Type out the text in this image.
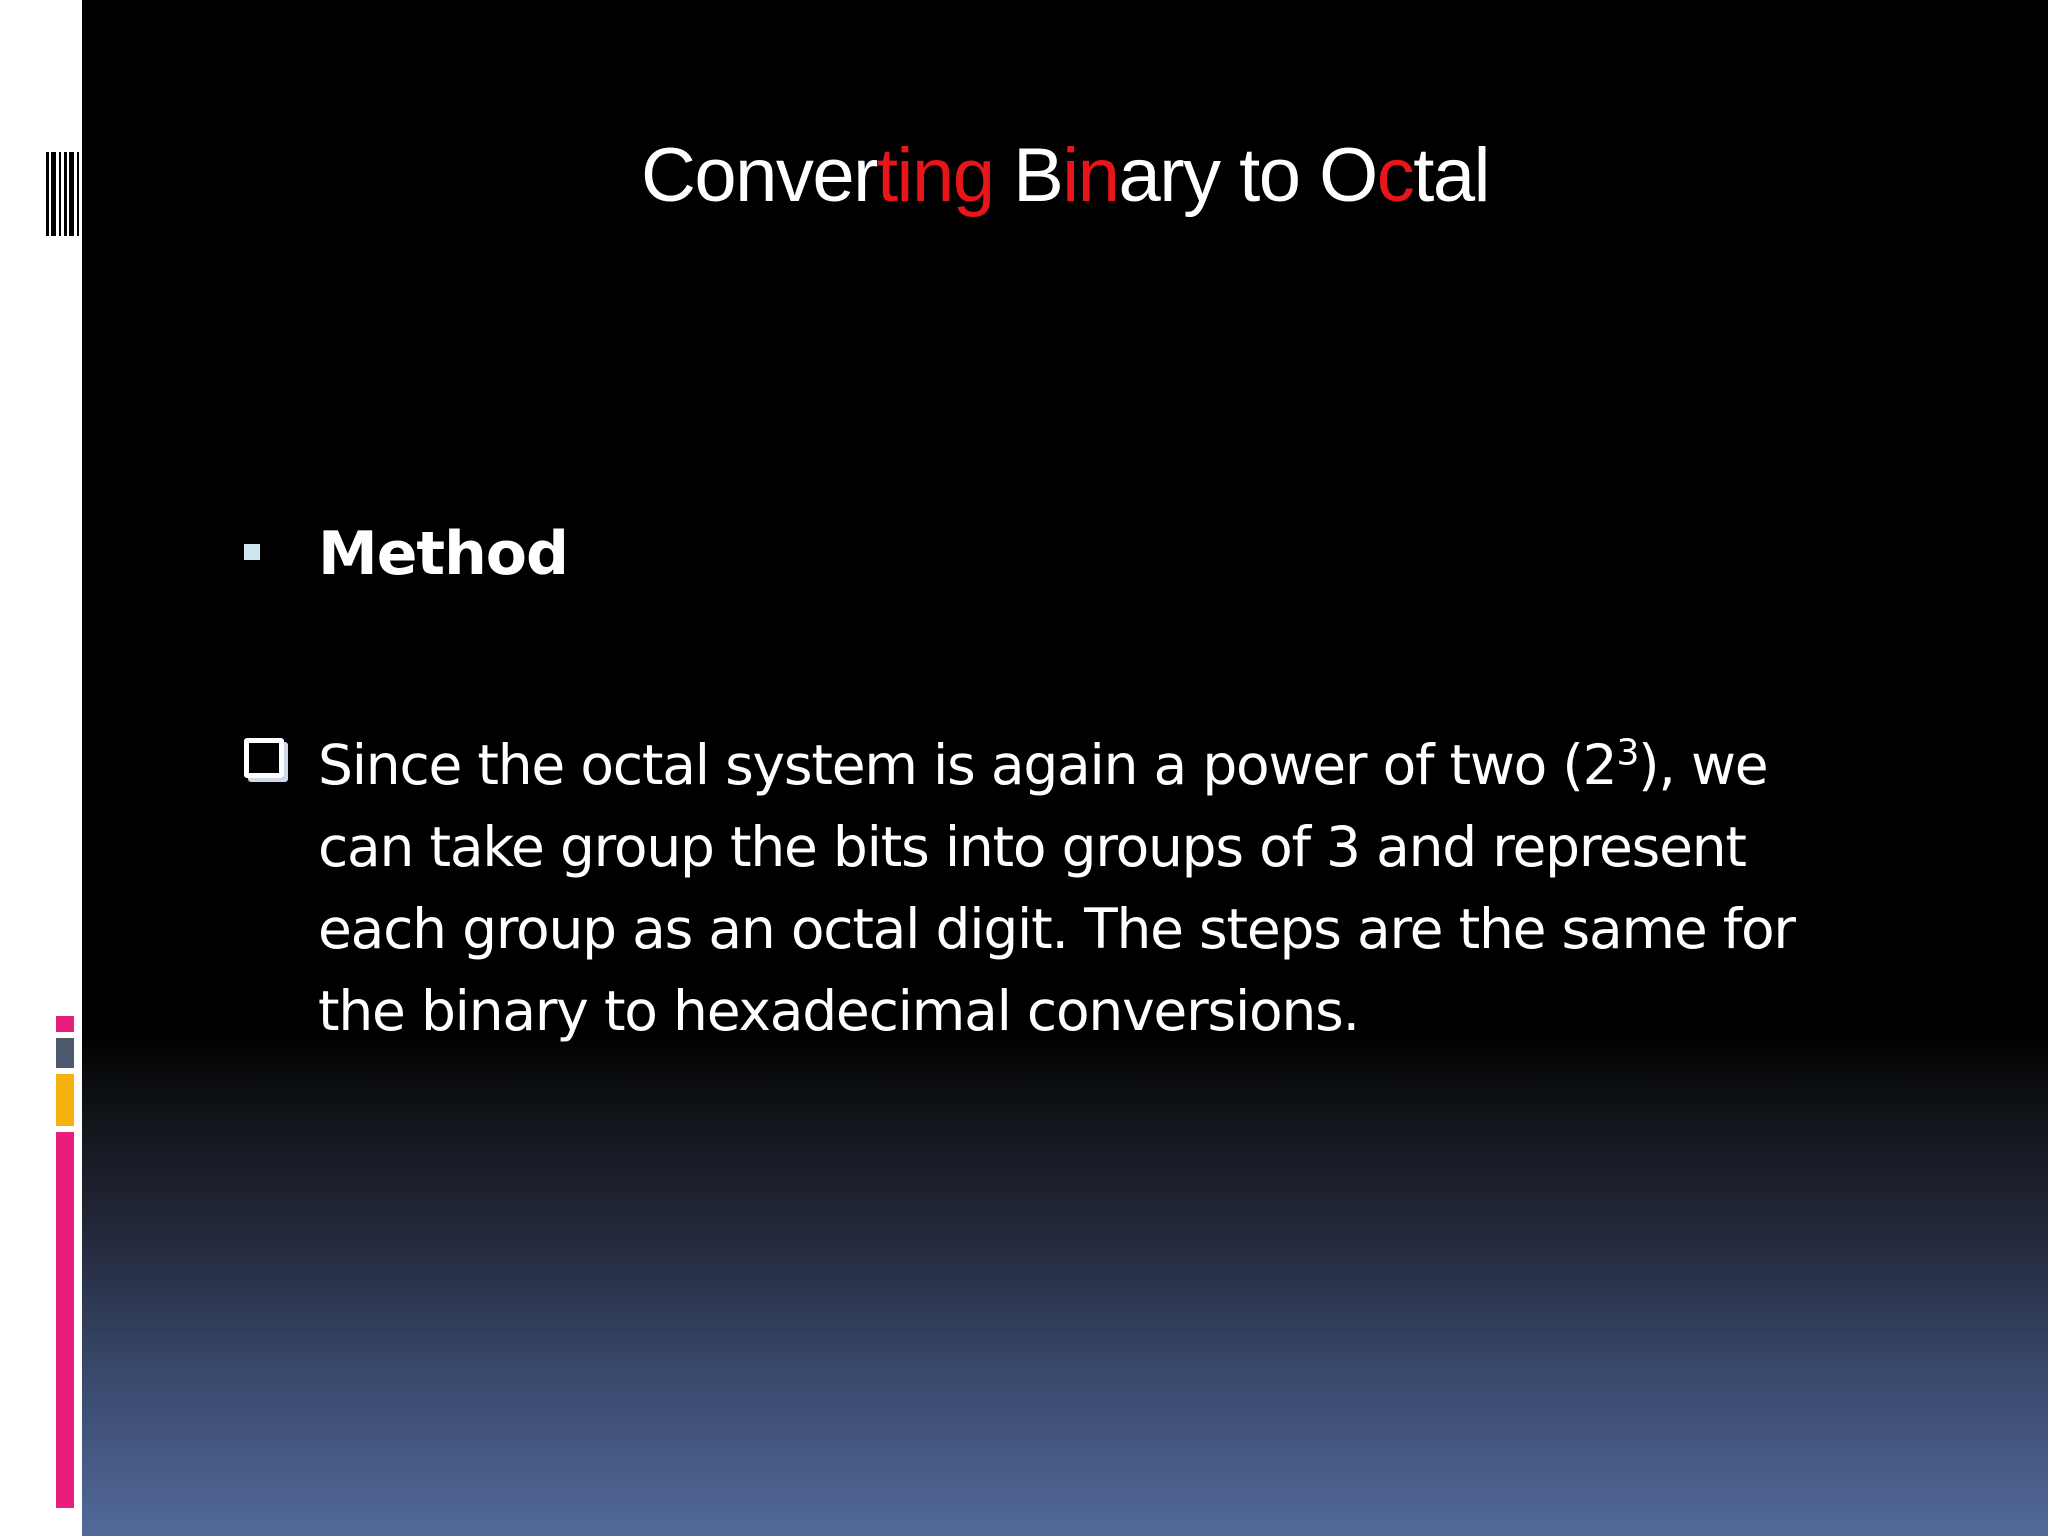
Converting Binary to Octal
Method
Since the octal system is again a power of two $(2^3)$, we
can take group the bits into groups of 3 and represent
each group as an octal digit. The steps are the same for
the binary to hexadecimal conversions.
